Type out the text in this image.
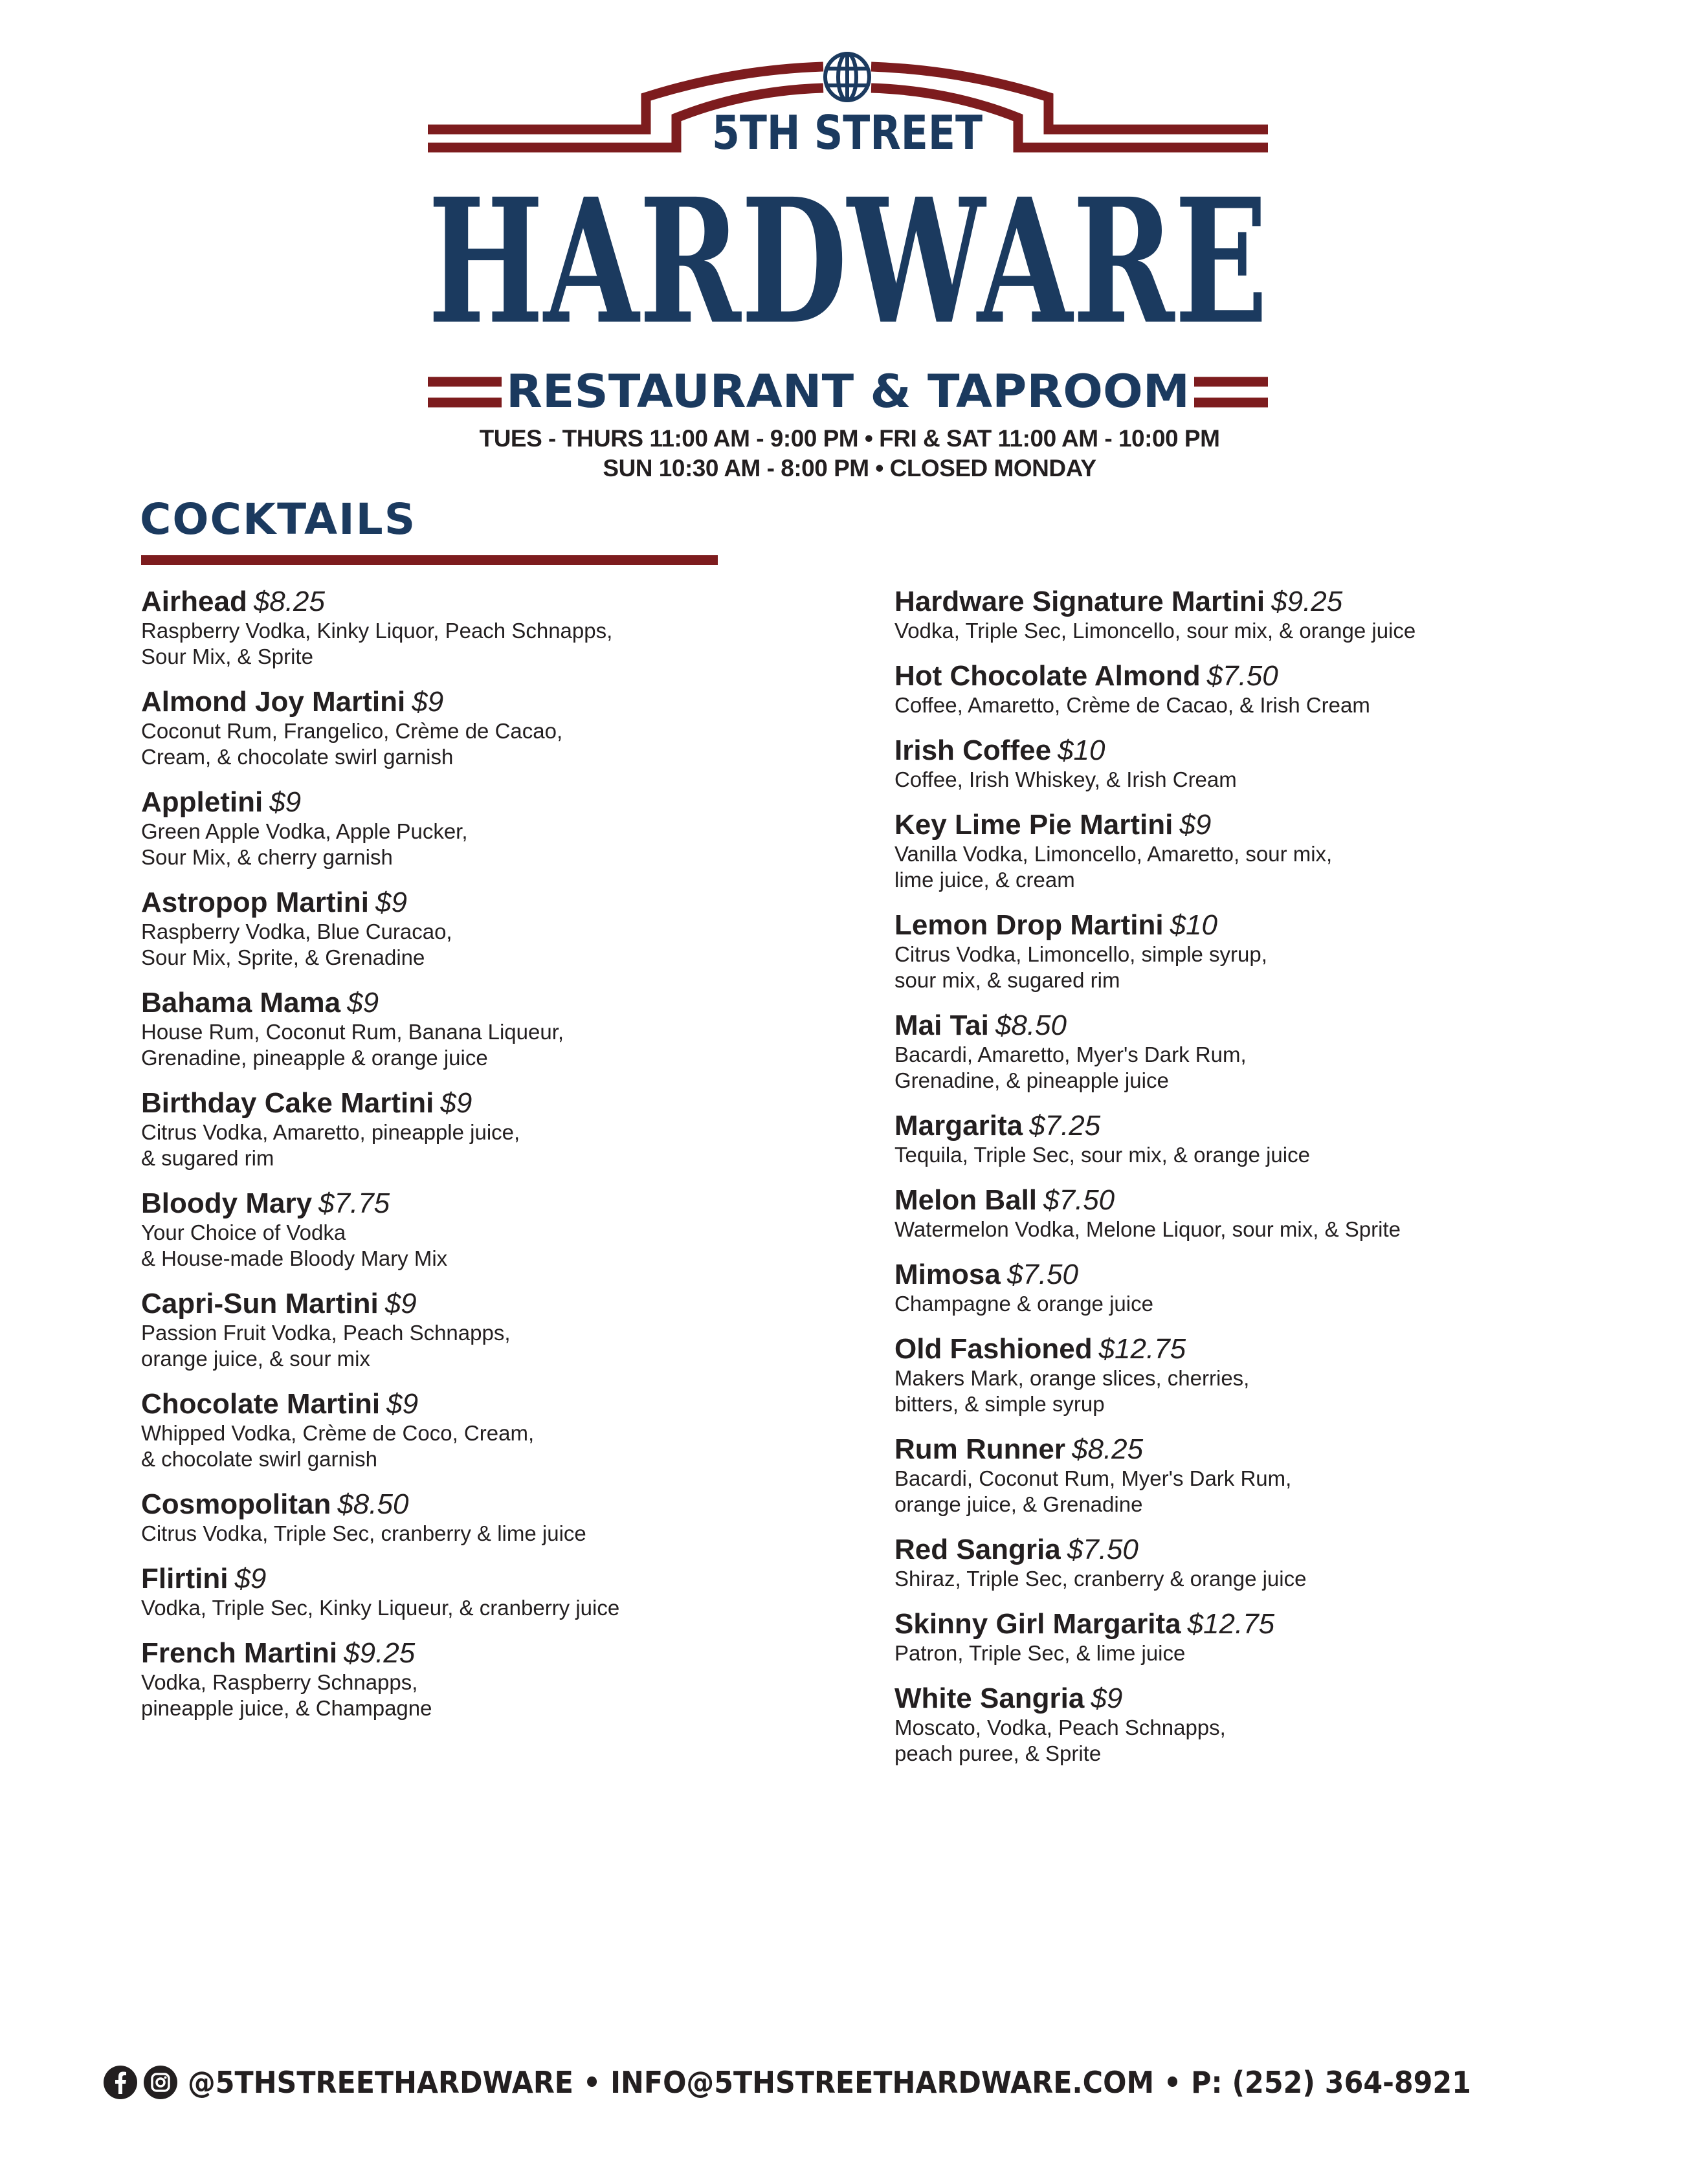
5TH STREET
HARDWARE
RESTAURANT & TAPROOM
TUES - THURS 11:00 AM - 9:00 PM • FRI & SAT 11:00 AM - 10:00 PM
SUN 10:30 AM - 8:00 PM • CLOSED MONDAY
COCKTAILS
Airhead $8.25
Raspberry Vodka, Kinky Liquor, Peach Schnapps,
Sour Mix, & Sprite
Almond Joy Martini $9
Coconut Rum, Frangelico, Crème de Cacao,
Cream, & chocolate swirl garnish
Appletini $9
Green Apple Vodka, Apple Pucker,
Sour Mix, & cherry garnish
Astropop Martini $9
Raspberry Vodka, Blue Curacao,
Sour Mix, Sprite, & Grenadine
Bahama Mama $9
House Rum, Coconut Rum, Banana Liqueur,
Grenadine, pineapple & orange juice
Birthday Cake Martini $9
Citrus Vodka, Amaretto, pineapple juice,
& sugared rim
Bloody Mary $7.75
Your Choice of Vodka
& House-made Bloody Mary Mix
Capri-Sun Martini $9
Passion Fruit Vodka, Peach Schnapps,
orange juice, & sour mix
Chocolate Martini $9
Whipped Vodka, Crème de Coco, Cream,
& chocolate swirl garnish
Cosmopolitan $8.50
Citrus Vodka, Triple Sec, cranberry & lime juice
Flirtini $9
Vodka, Triple Sec, Kinky Liqueur, & cranberry juice
French Martini $9.25
Vodka, Raspberry Schnapps,
pineapple juice, & Champagne
Hardware Signature Martini $9.25
Vodka, Triple Sec, Limoncello, sour mix, & orange juice
Hot Chocolate Almond $7.50
Coffee, Amaretto, Crème de Cacao, & Irish Cream
Irish Coffee $10
Coffee, Irish Whiskey, & Irish Cream
Key Lime Pie Martini $9
Vanilla Vodka, Limoncello, Amaretto, sour mix,
lime juice, & cream
Lemon Drop Martini $10
Citrus Vodka, Limoncello, simple syrup,
sour mix, & sugared rim
Mai Tai $8.50
Bacardi, Amaretto, Myer's Dark Rum,
Grenadine, & pineapple juice
Margarita $7.25
Tequila, Triple Sec, sour mix, & orange juice
Melon Ball $7.50
Watermelon Vodka, Melone Liquor, sour mix, & Sprite
Mimosa $7.50
Champagne & orange juice
Old Fashioned $12.75
Makers Mark, orange slices, cherries,
bitters, & simple syrup
Rum Runner $8.25
Bacardi, Coconut Rum, Myer's Dark Rum,
orange juice, & Grenadine
Red Sangria $7.50
Shiraz, Triple Sec, cranberry & orange juice
Skinny Girl Margarita $12.75
Patron, Triple Sec, & lime juice
White Sangria $9
Moscato, Vodka, Peach Schnapps,
peach puree, & Sprite
@5THSTREETHARDWARE • INFO@5THSTREETHARDWARE.COM • P: (252) 364-8921
